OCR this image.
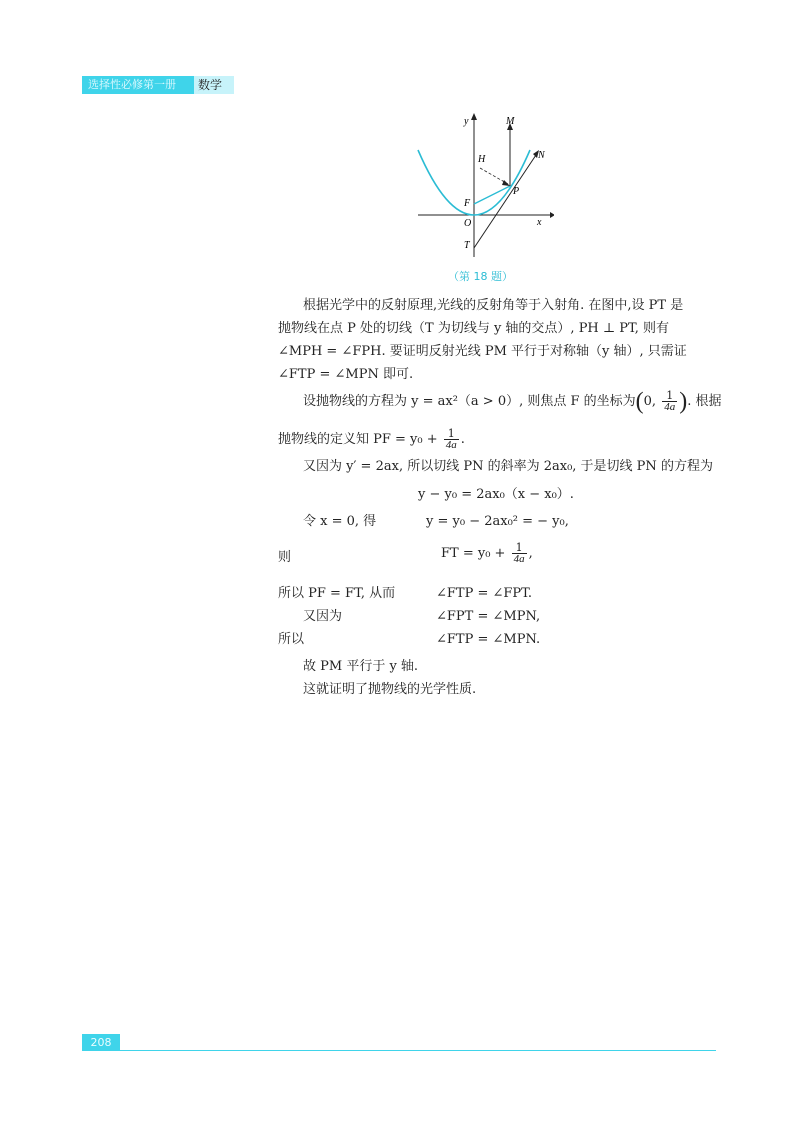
选择性必修第一册	数学
y
x
M
N
H
P
F
O
T
（第 18 题）
根据光学中的反射原理,光线的反射角等于入射角. 在图中,设 PT 是
抛物线在点 P 处的切线（T 为切线与 y 轴的交点）, PH ⊥ PT, 则有
∠MPH = ∠FPH. 要证明反射光线 PM 平行于对称轴（y 轴）, 只需证
∠FTP = ∠MPN 即可.
设抛物线的方程为 y = ax²（a > 0）, 则焦点 F 的坐标为(0, $\frac{1}{4a}$ ). 根据
抛物线的定义知 PF = $y_0 + \frac{1}{4a}$ .
又因为 y′ = 2ax, 所以切线 PN 的斜率为 2ax₀, 于是切线 PN 的方程为
y − y₀ = 2ax₀（x − x₀）.
令 x = 0, 得	y = y₀ − 2ax₀² = − y₀,
则	FT = $y_0 + \frac{1}{4a}$ ,
所以 PF = FT, 从而	∠FTP = ∠FPT.
又因为	∠FPT = ∠MPN,
所以	∠FTP = ∠MPN.
故 PM 平行于 y 轴.
这就证明了抛物线的光学性质.
208
